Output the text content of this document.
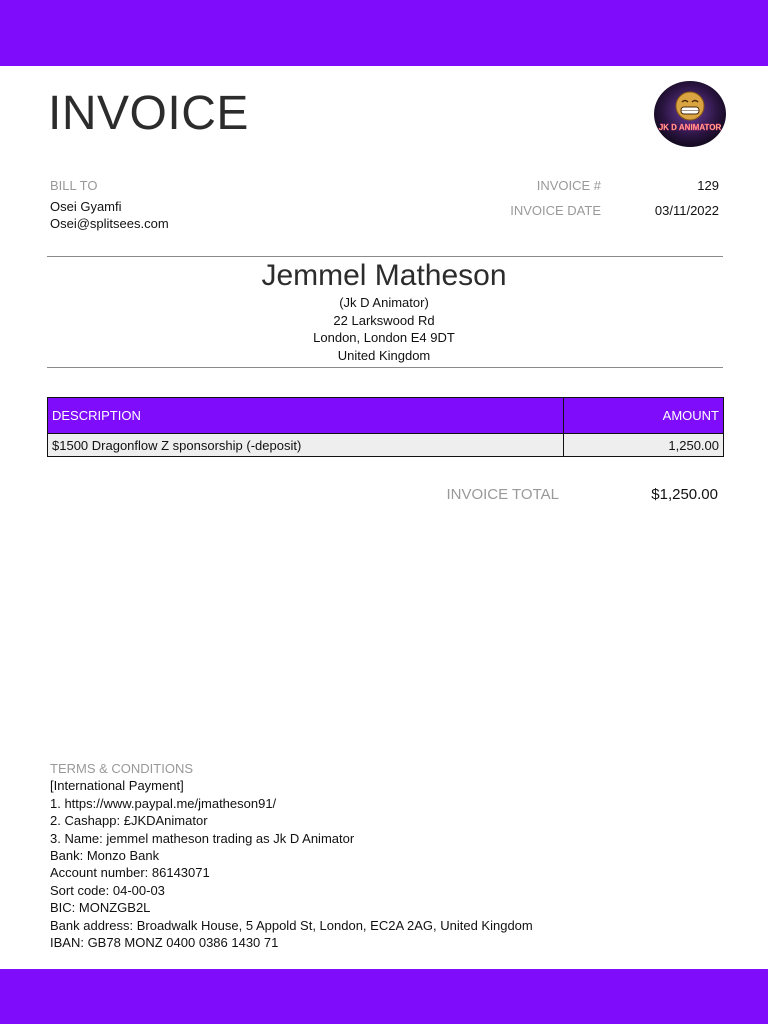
INVOICE	JK D ANIMATOR
BILL TO
Osei Gyamfi
Osei@splitsees.com
INVOICE #	129
INVOICE DATE	03/11/2022
Jemmel Matheson
(Jk D Animator)
22 Larkswood Rd
London, London E4 9DT
United Kingdom
DESCRIPTION	AMOUNT
$1500 Dragonflow Z sponsorship (-deposit)	1,250.00
INVOICE TOTAL	$1,250.00
TERMS & CONDITIONS
[International Payment]
1. https://www.paypal.me/jmatheson91/
2. Cashapp: £JKDAnimator
3. Name: jemmel matheson trading as Jk D Animator
Bank: Monzo Bank
Account number: 86143071
Sort code: 04-00-03
BIC: MONZGB2L
Bank address: Broadwalk House, 5 Appold St, London, EC2A 2AG, United Kingdom
IBAN: GB78 MONZ 0400 0386 1430 71
